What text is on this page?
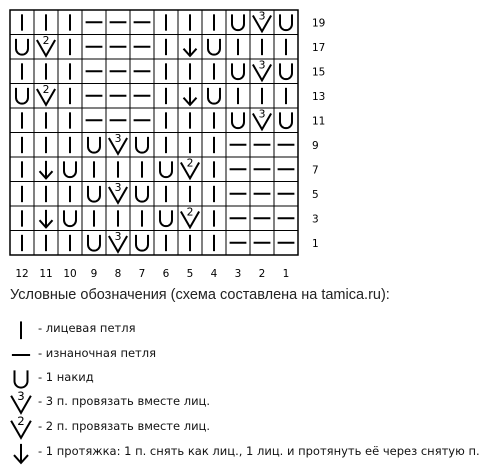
3
2
3
2
3
3
2
3
2
3
19
17
15
13
11
9
7
5
3
1
12 11 10 9 8 7 6 5 4 3 2 1
Условные обозначения (схема составлена на tamica.ru):
- лицевая петля
- изнаночная петля
- 1 накид
3 - 3 п. провязать вместе лиц.
2 - 2 п. провязать вместе лиц.
- 1 протяжка: 1 п. снять как лиц., 1 лиц. и протянуть её через снятую п.
